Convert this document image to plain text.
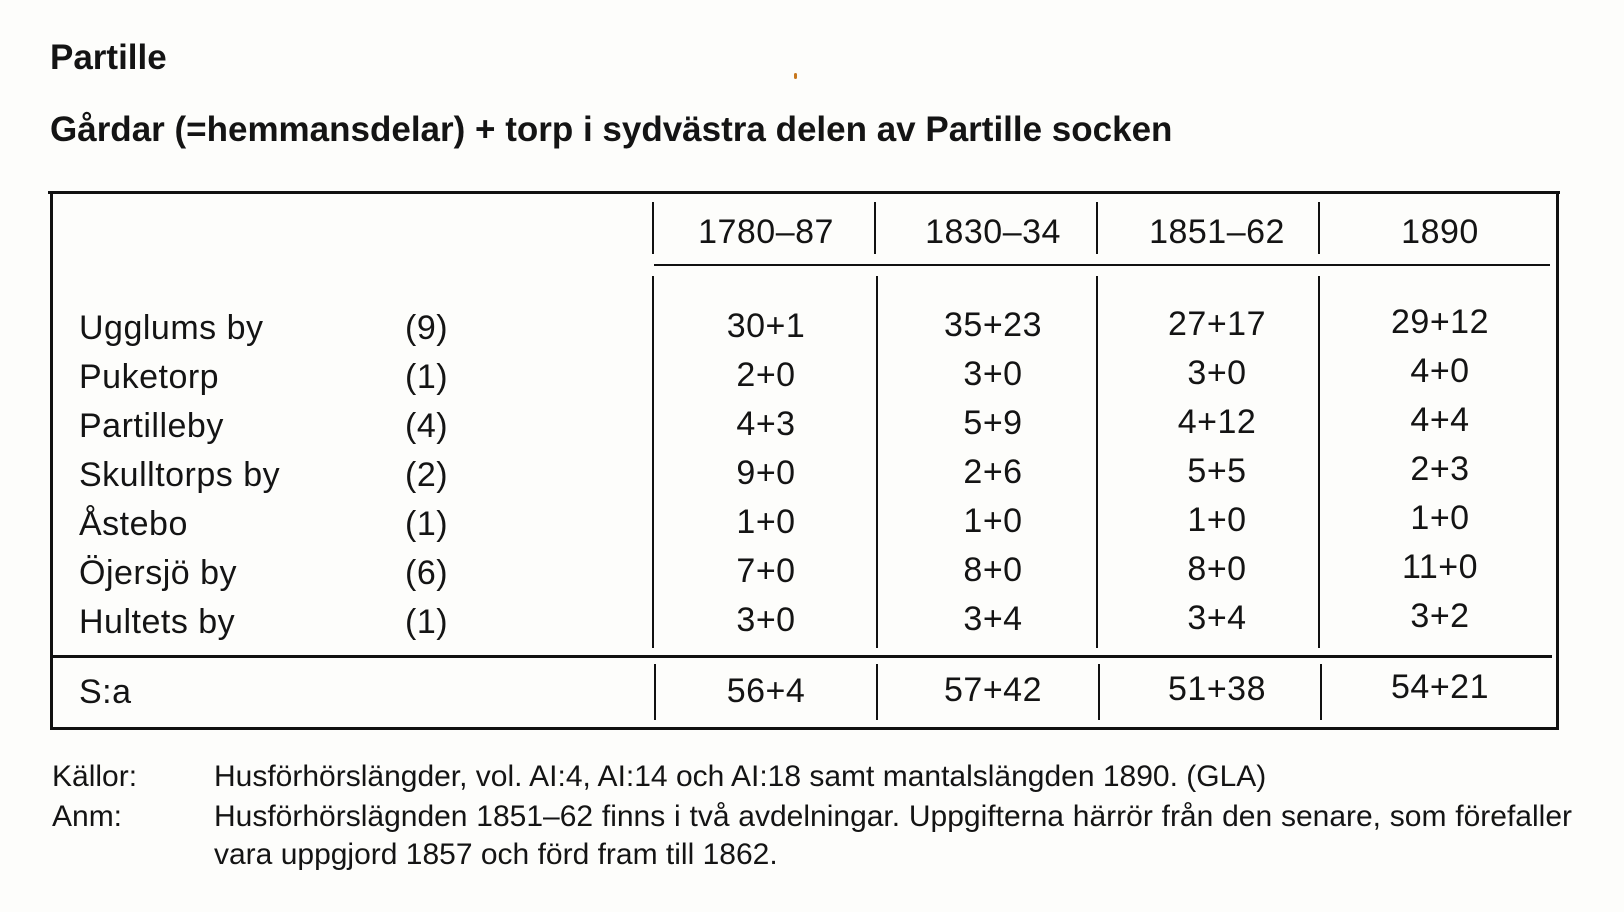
Partille
Gårdar (=hemmansdelar) + torp i sydvästra delen av Partille socken
1780–87	1830–34	1851–62	1890
Ugglums by	(9)	30+1	35+23	27+17	29+12
Puketorp	(1)	2+0	3+0	3+0	4+0
Partilleby	(4)	4+3	5+9	4+12	4+4
Skulltorps by	(2)	9+0	2+6	5+5	2+3
Åstebo	(1)	1+0	1+0	1+0	1+0
Öjersjö by	(6)	7+0	8+0	8+0	11+0
Hultets by	(1)	3+0	3+4	3+4	3+2
S:a	56+4	57+42	51+38	54+21
Källor:	Husförhörslängder, vol. AI:4, AI:14 och AI:18 samt mantalslängden 1890. (GLA)
Anm:	Husförhörslägnden 1851–62 finns i två avdelningar. Uppgifterna härrör från den senare, som förefaller vara uppgjord 1857 och förd fram till 1862.
